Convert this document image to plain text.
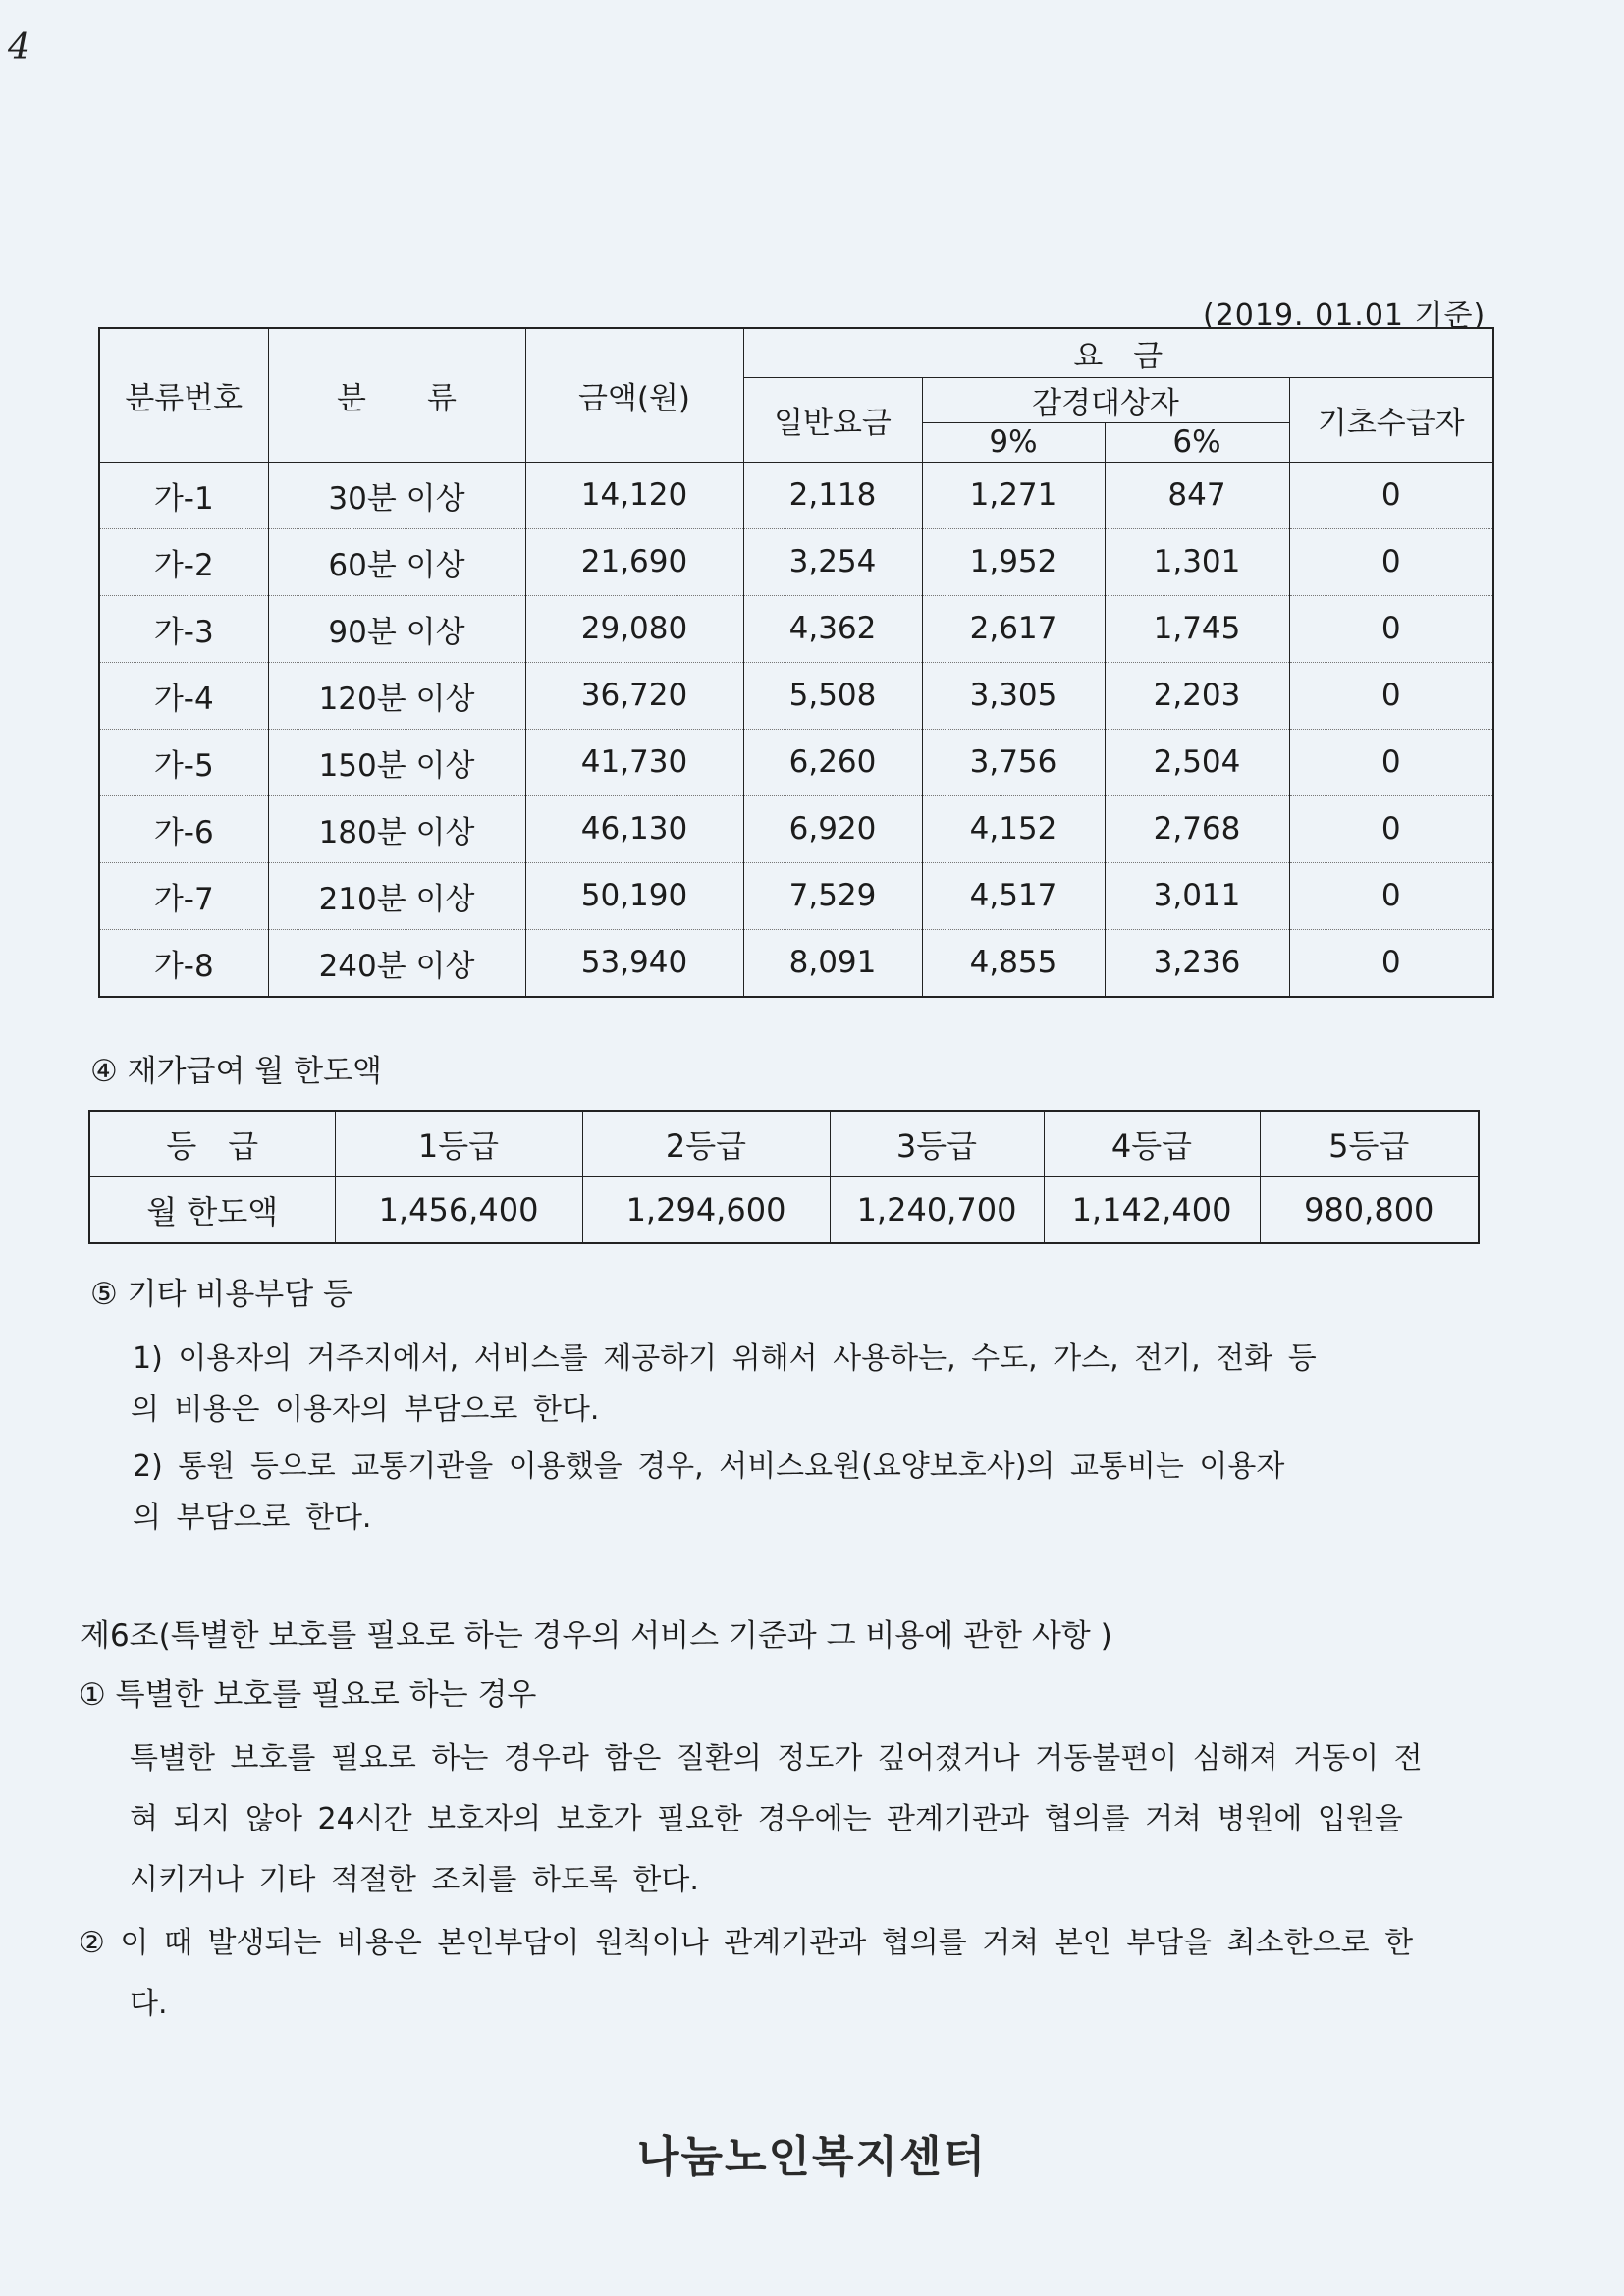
4
(2019. 01.01 기준)
분류번호	분　　류	금액(원)	요　금			
			일반요금	감경대상자		기초수급자
				9%	6%	
가-1	30분 이상	14,120	2,118	1,271	847	0
가-2	60분 이상	21,690	3,254	1,952	1,301	0
가-3	90분 이상	29,080	4,362	2,617	1,745	0
가-4	120분 이상	36,720	5,508	3,305	2,203	0
가-5	150분 이상	41,730	6,260	3,756	2,504	0
가-6	180분 이상	46,130	6,920	4,152	2,768	0
가-7	210분 이상	50,190	7,529	4,517	3,011	0
가-8	240분 이상	53,940	8,091	4,855	3,236	0
④ 재가급여 월 한도액
등　급	1등급	2등급	3등급	4등급	5등급
월 한도액	1,456,400	1,294,600	1,240,700	1,142,400	980,800
⑤ 기타 비용부담 등
1) 이용자의 거주지에서, 서비스를 제공하기 위해서 사용하는, 수도, 가스, 전기, 전화 등
의 비용은 이용자의 부담으로 한다.
2) 통원 등으로 교통기관을 이용했을 경우, 서비스요원(요양보호사)의 교통비는 이용자
의 부담으로 한다.
제6조(특별한 보호를 필요로 하는 경우의 서비스 기준과 그 비용에 관한 사항 )
① 특별한 보호를 필요로 하는 경우
특별한 보호를 필요로 하는 경우라 함은 질환의 정도가 깊어졌거나 거동불편이 심해져 거동이 전
혀 되지 않아 24시간 보호자의 보호가 필요한 경우에는 관계기관과 협의를 거쳐 병원에 입원을
시키거나 기타 적절한 조치를 하도록 한다.
② 이 때 발생되는 비용은 본인부담이 원칙이나 관계기관과 협의를 거쳐 본인 부담을 최소한으로 한
다.
나눔노인복지센터
